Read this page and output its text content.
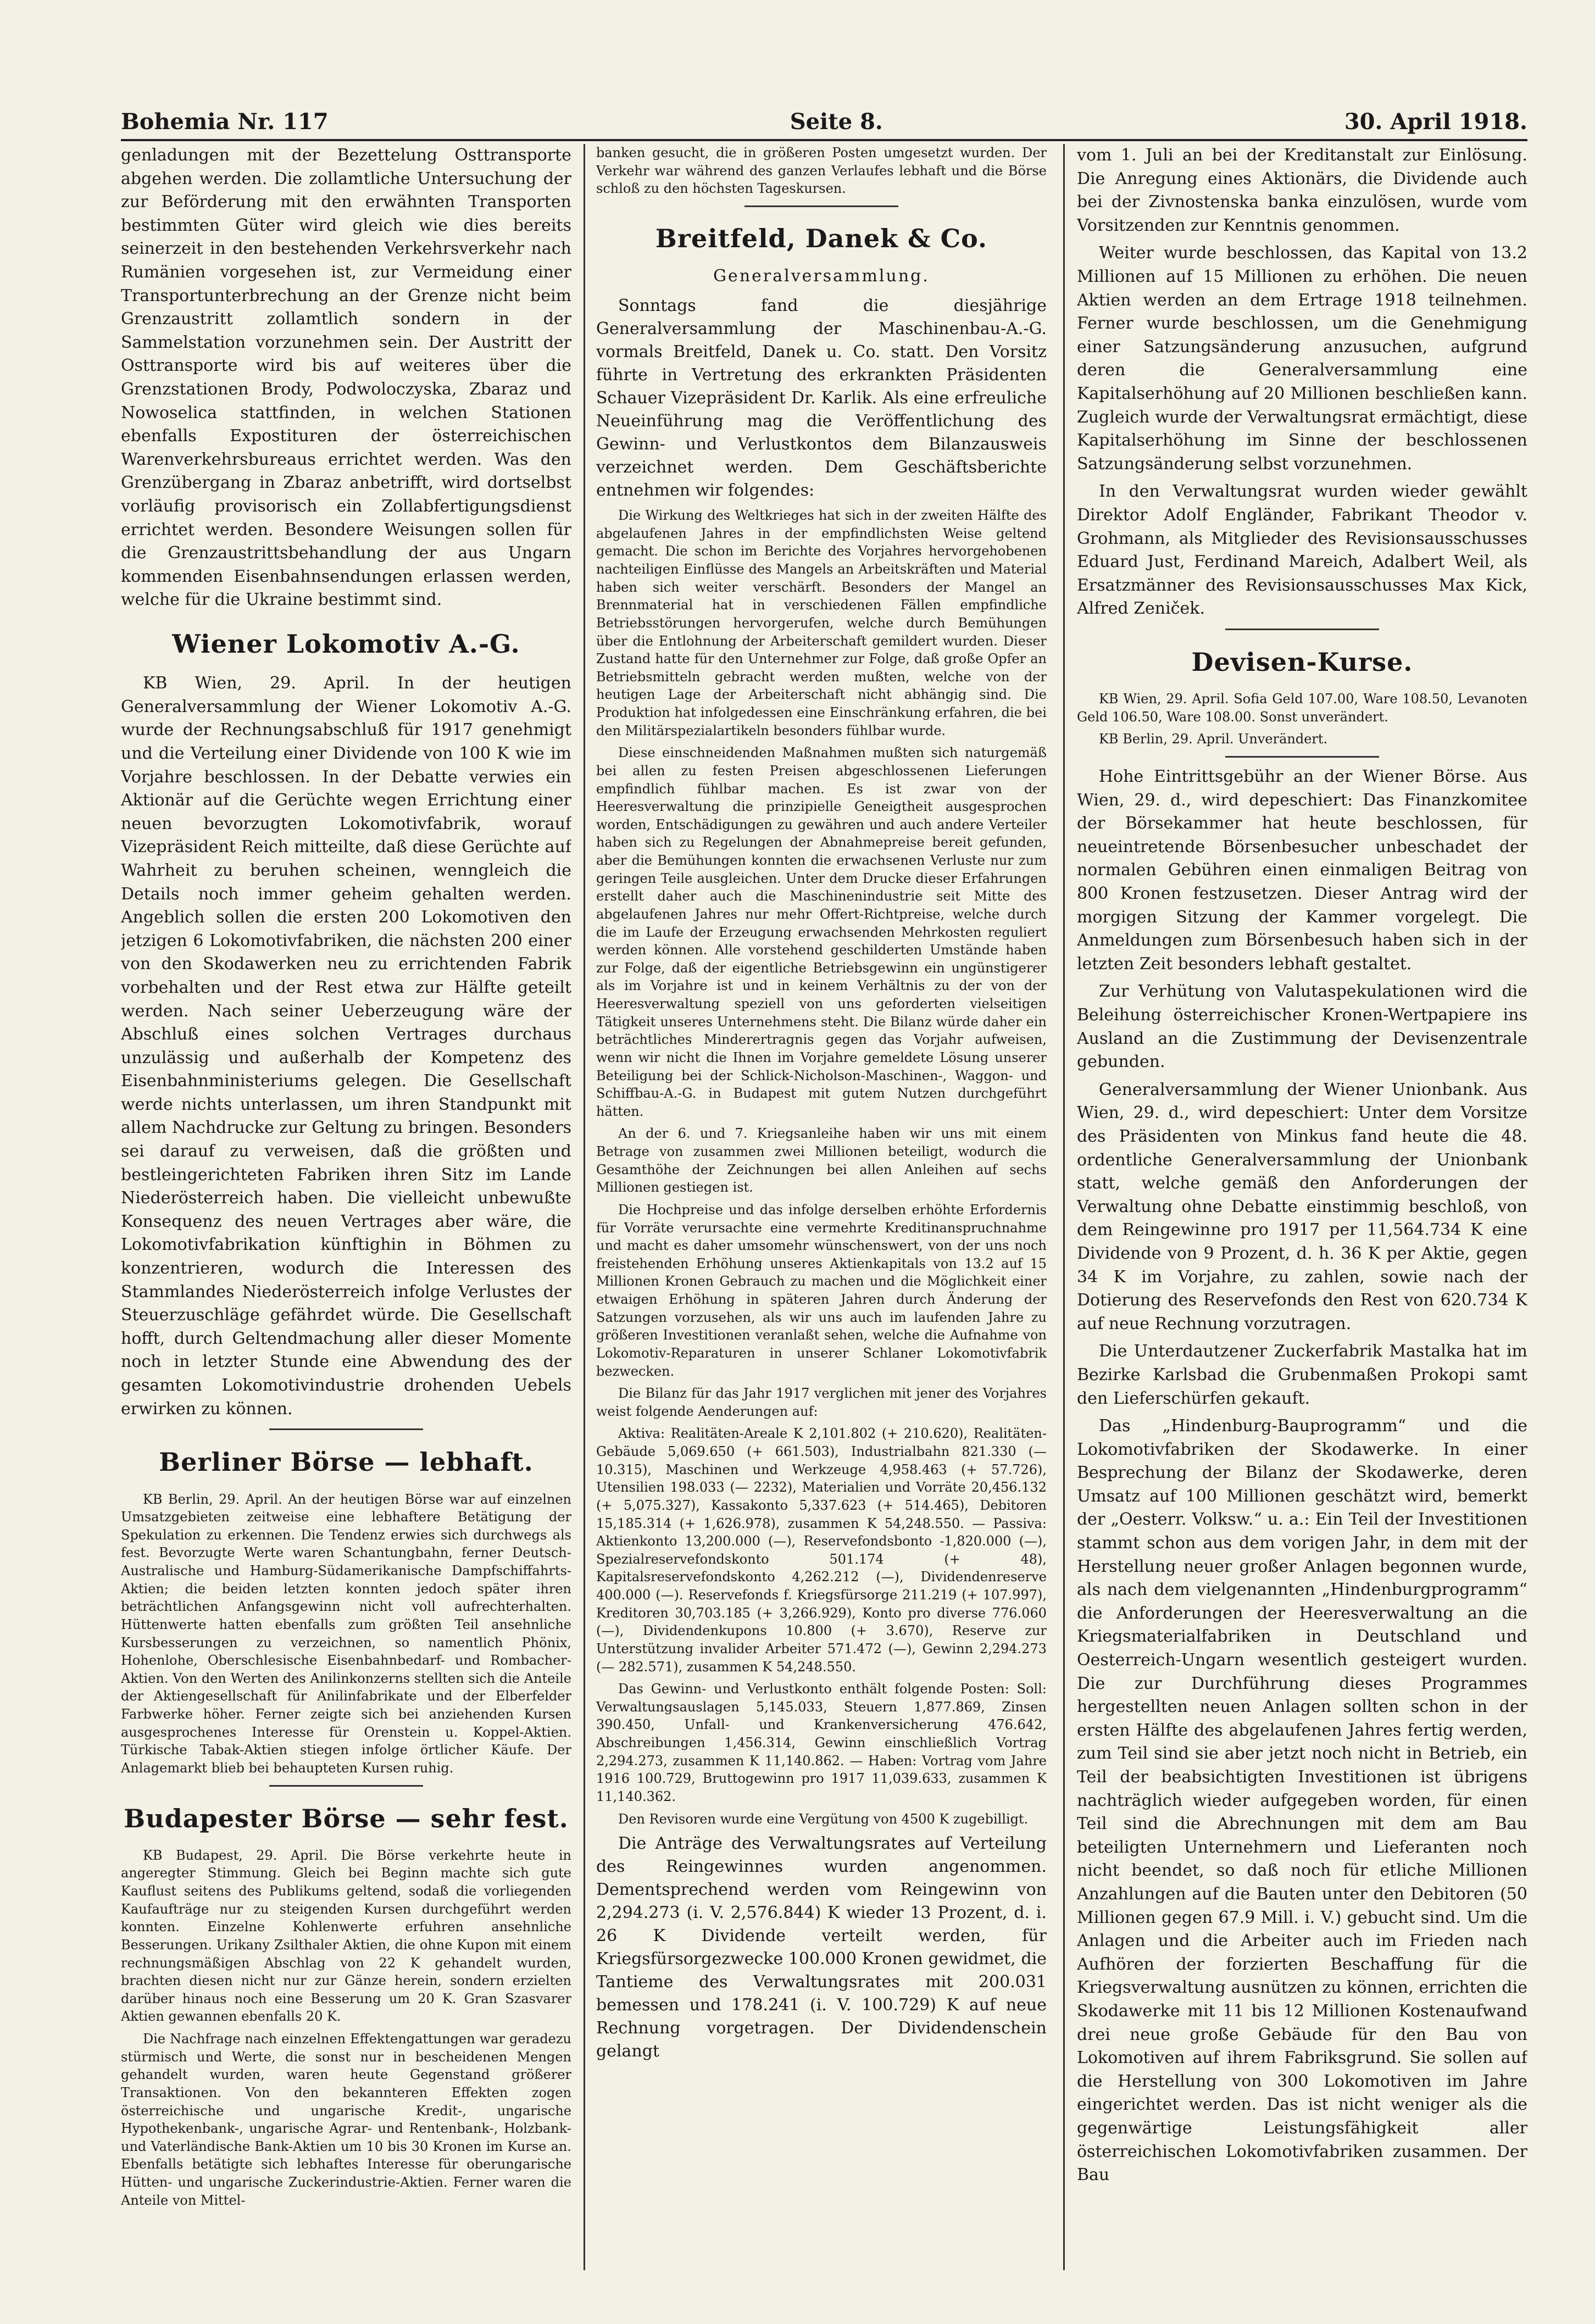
Bohemia Nr. 117	Seite 8.	30. April 1918.

genladungen mit der Bezettelung Osttransporte abgehen werden. Die zollamtliche Untersuchung der zur Beförderung mit den erwähnten Transporten bestimmten Güter wird gleich wie dies bereits seinerzeit in den bestehenden Verkehrsverkehr nach Rumänien vorgesehen ist, zur Vermeidung einer Transportunterbrechung an der Grenze nicht beim Grenzaustritt zollamtlich sondern in der Sammelstation vorzunehmen sein. Der Austritt der Osttransporte wird bis auf weiteres über die Grenzstationen Brody, Podwoloczyska, Zbaraz und Nowoselica stattfinden, in welchen Stationen ebenfalls Expostituren der österreichischen Warenverkehrsbureaus errichtet werden. Was den Grenzübergang in Zbaraz anbetrifft, wird dortselbst vorläufig provisorisch ein Zollabfertigungsdienst errichtet werden. Besondere Weisungen sollen für die Grenzaustrittsbehandlung der aus Ungarn kommenden Eisenbahnsendungen erlassen werden, welche für die Ukraine bestimmt sind.

Wiener Lokomotiv A.-G.

KB Wien, 29. April. In der heutigen Generalversammlung der Wiener Lokomotiv A.-G. wurde der Rechnungsabschluß für 1917 genehmigt und die Verteilung einer Dividende von 100 K wie im Vorjahre beschlossen. In der Debatte verwies ein Aktionär auf die Gerüchte wegen Errichtung einer neuen bevorzugten Lokomotivfabrik, worauf Vizepräsident Reich mitteilte, daß diese Gerüchte auf Wahrheit zu beruhen scheinen, wenngleich die Details noch immer geheim gehalten werden. Angeblich sollen die ersten 200 Lokomotiven den jetzigen 6 Lokomotivfabriken, die nächsten 200 einer von den Skodawerken neu zu errichtenden Fabrik vorbehalten und der Rest etwa zur Hälfte geteilt werden. Nach seiner Ueberzeugung wäre der Abschluß eines solchen Vertrages durchaus unzulässig und außerhalb der Kompetenz des Eisenbahnministeriums gelegen. Die Gesellschaft werde nichts unterlassen, um ihren Standpunkt mit allem Nachdrucke zur Geltung zu bringen. Besonders sei darauf zu verweisen, daß die größten und bestleingerichteten Fabriken ihren Sitz im Lande Niederösterreich haben. Die vielleicht unbewußte Konsequenz des neuen Vertrages aber wäre, die Lokomotivfabrikation künftighin in Böhmen zu konzentrieren, wodurch die Interessen des Stammlandes Niederösterreich infolge Verlustes der Steuerzuschläge gefährdet würde. Die Gesellschaft hofft, durch Geltendmachung aller dieser Momente noch in letzter Stunde eine Abwendung des der gesamten Lokomotivindustrie drohenden Uebels erwirken zu können.

Berliner Börse — lebhaft.

KB Berlin, 29. April. An der heutigen Börse war auf einzelnen Umsatzgebieten zeitweise eine lebhaftere Betätigung der Spekulation zu erkennen. Die Tendenz erwies sich durchwegs als fest. Bevorzugte Werte waren Schantungbahn, ferner Deutsch-Australische und Hamburg-Südamerikanische Dampfschiffahrts-Aktien; die beiden letzten konnten jedoch später ihren beträchtlichen Anfangsgewinn nicht voll aufrechterhalten. Hüttenwerte hatten ebenfalls zum größten Teil ansehnliche Kursbesserungen zu verzeichnen, so namentlich Phönix, Hohenlohe, Oberschlesische Eisenbahnbedarf- und Rombacher-Aktien. Von den Werten des Anilinkonzerns stellten sich die Anteile der Aktiengesellschaft für Anilinfabrikate und der Elberfelder Farbwerke höher. Ferner zeigte sich bei anziehenden Kursen ausgesprochenes Interesse für Orenstein u. Koppel-Aktien. Türkische Tabak-Aktien stiegen infolge örtlicher Käufe. Der Anlagemarkt blieb bei behaupteten Kursen ruhig.

Budapester Börse — sehr fest.

KB Budapest, 29. April. Die Börse verkehrte heute in angeregter Stimmung. Gleich bei Beginn machte sich gute Kauflust seitens des Publikums geltend, sodaß die vorliegenden Kaufaufträge nur zu steigenden Kursen durchgeführt werden konnten. Einzelne Kohlenwerte erfuhren ansehnliche Besserungen. Urikany Zsilthaler Aktien, die ohne Kupon mit einem rechnungsmäßigen Abschlag von 22 K gehandelt wurden, brachten diesen nicht nur zur Gänze herein, sondern erzielten darüber hinaus noch eine Besserung um 20 K. Gran Szasvarer Aktien gewannen ebenfalls 20 K.

Die Nachfrage nach einzelnen Effektengattungen war geradezu stürmisch und Werte, die sonst nur in bescheidenen Mengen gehandelt wurden, waren heute Gegenstand größerer Transaktionen. Von den bekannteren Effekten zogen österreichische und ungarische Kredit-, ungarische Hypothekenbank-, ungarische Agrar- und Rentenbank-, Holzbank- und Vaterländische Bank-Aktien um 10 bis 30 Kronen im Kurse an. Ebenfalls betätigte sich lebhaftes Interesse für oberungarische Hütten- und ungarische Zuckerindustrie-Aktien. Ferner waren die Anteile von Mittel-

banken gesucht, die in größeren Posten umgesetzt wurden. Der Verkehr war während des ganzen Verlaufes lebhaft und die Börse schloß zu den höchsten Tageskursen.

Breitfeld, Danek & Co.
Generalversammlung.

Sonntags fand die diesjährige Generalversammlung der Maschinenbau-A.-G. vormals Breitfeld, Danek u. Co. statt. Den Vorsitz führte in Vertretung des erkrankten Präsidenten Schauer Vizepräsident Dr. Karlik. Als eine erfreuliche Neueinführung mag die Veröffentlichung des Gewinn- und Verlustkontos dem Bilanzausweis verzeichnet werden. Dem Geschäftsberichte entnehmen wir folgendes:

Die Wirkung des Weltkrieges hat sich in der zweiten Hälfte des abgelaufenen Jahres in der empfindlichsten Weise geltend gemacht. Die schon im Berichte des Vorjahres hervorgehobenen nachteiligen Einflüsse des Mangels an Arbeitskräften und Material haben sich weiter verschärft. Besonders der Mangel an Brennmaterial hat in verschiedenen Fällen empfindliche Betriebsstörungen hervorgerufen, welche durch Bemühungen über die Entlohnung der Arbeiterschaft gemildert wurden. Dieser Zustand hatte für den Unternehmer zur Folge, daß große Opfer an Betriebsmitteln gebracht werden mußten, welche von der heutigen Lage der Arbeiterschaft nicht abhängig sind. Die Produktion hat infolgedessen eine Einschränkung erfahren, die bei den Militärspezialartikeln besonders fühlbar wurde.

Diese einschneidenden Maßnahmen mußten sich naturgemäß bei allen zu festen Preisen abgeschlossenen Lieferungen empfindlich fühlbar machen. Es ist zwar von der Heeresverwaltung die prinzipielle Geneigtheit ausgesprochen worden, Entschädigungen zu gewähren und auch andere Verteiler haben sich zu Regelungen der Abnahmepreise bereit gefunden, aber die Bemühungen konnten die erwachsenen Verluste nur zum geringen Teile ausgleichen. Unter dem Drucke dieser Erfahrungen erstellt daher auch die Maschinenindustrie seit Mitte des abgelaufenen Jahres nur mehr Offert-Richtpreise, welche durch die im Laufe der Erzeugung erwachsenden Mehrkosten reguliert werden können. Alle vorstehend geschilderten Umstände haben zur Folge, daß der eigentliche Betriebsgewinn ein ungünstigerer als im Vorjahre ist und in keinem Verhältnis zu der von der Heeresverwaltung speziell von uns geforderten vielseitigen Tätigkeit unseres Unternehmens steht. Die Bilanz würde daher ein beträchtliches Minderertragnis gegen das Vorjahr aufweisen, wenn wir nicht die Ihnen im Vorjahre gemeldete Lösung unserer Beteiligung bei der Schlick-Nicholson-Maschinen-, Waggon- und Schiffbau-A.-G. in Budapest mit gutem Nutzen durchgeführt hätten.

An der 6. und 7. Kriegsanleihe haben wir uns mit einem Betrage von zusammen zwei Millionen beteiligt, wodurch die Gesamthöhe der Zeichnungen bei allen Anleihen auf sechs Millionen gestiegen ist.

Die Hochpreise und das infolge derselben erhöhte Erfordernis für Vorräte verursachte eine vermehrte Kreditinanspruchnahme und macht es daher umsomehr wünschenswert, von der uns noch freistehenden Erhöhung unseres Aktienkapitals von 13.2 auf 15 Millionen Kronen Gebrauch zu machen und die Möglichkeit einer etwaigen Erhöhung in späteren Jahren durch Änderung der Satzungen vorzusehen, als wir uns auch im laufenden Jahre zu größeren Investitionen veranlaßt sehen, welche die Aufnahme von Lokomotiv-Reparaturen in unserer Schlaner Lokomotivfabrik bezwecken.

Die Bilanz für das Jahr 1917 verglichen mit jener des Vorjahres weist folgende Aenderungen auf:

Aktiva: Realitäten-Areale K 2,101.802 (+ 210.620), Realitäten-Gebäude 5,069.650 (+ 661.503), Industrialbahn 821.330 (— 10.315), Maschinen und Werkzeuge 4,958.463 (+ 57.726), Utensilien 198.033 (— 2232), Materialien und Vorräte 20,456.132 (+ 5,075.327), Kassakonto 5,337.623 (+ 514.465), Debitoren 15,185.314 (+ 1,626.978), zusammen K 54,248.550. — Passiva: Aktienkonto 13,200.000 (—), Reservefondsbonto -1,820.000 (—), Spezialreservefondskonto 501.174 (+ 48), Kapitalsreservefondskonto 4,262.212 (—), Dividendenreserve 400.000 (—). Reservefonds f. Kriegsfürsorge 211.219 (+ 107.997), Kreditoren 30,703.185 (+ 3,266.929), Konto pro diverse 776.060 (—), Dividendenkupons 10.800 (+ 3.670), Reserve zur Unterstützung invalider Arbeiter 571.472 (—), Gewinn 2,294.273 (— 282.571), zusammen K 54,248.550.

Das Gewinn- und Verlustkonto enthält folgende Posten: Soll: Verwaltungsauslagen 5,145.033, Steuern 1,877.869, Zinsen 390.450, Unfall- und Krankenversicherung 476.642, Abschreibungen 1,456.314, Gewinn einschließlich Vortrag 2,294.273, zusammen K 11,140.862. — Haben: Vortrag vom Jahre 1916 100.729, Bruttogewinn pro 1917 11,039.633, zusammen K 11,140.362.

Den Revisoren wurde eine Vergütung von 4500 K zugebilligt.

Die Anträge des Verwaltungsrates auf Verteilung des Reingewinnes wurden angenommen. Dementsprechend werden vom Reingewinn von 2,294.273 (i. V. 2,576.844) K wieder 13 Prozent, d. i. 26 K Dividende verteilt werden, für Kriegsfürsorgezwecke 100.000 Kronen gewidmet, die Tantieme des Verwaltungsrates mit 200.031 bemessen und 178.241 (i. V. 100.729) K auf neue Rechnung vorgetragen. Der Dividendenschein gelangt

vom 1. Juli an bei der Kreditanstalt zur Einlösung. Die Anregung eines Aktionärs, die Dividende auch bei der Zivnostenska banka einzulösen, wurde vom Vorsitzenden zur Kenntnis genommen.

Weiter wurde beschlossen, das Kapital von 13.2 Millionen auf 15 Millionen zu erhöhen. Die neuen Aktien werden an dem Ertrage 1918 teilnehmen. Ferner wurde beschlossen, um die Genehmigung einer Satzungsänderung anzusuchen, aufgrund deren die Generalversammlung eine Kapitalserhöhung auf 20 Millionen beschließen kann. Zugleich wurde der Verwaltungsrat ermächtigt, diese Kapitalserhöhung im Sinne der beschlossenen Satzungsänderung selbst vorzunehmen.

In den Verwaltungsrat wurden wieder gewählt Direktor Adolf Engländer, Fabrikant Theodor v. Grohmann, als Mitglieder des Revisionsausschusses Eduard Just, Ferdinand Mareich, Adalbert Weil, als Ersatzmänner des Revisionsausschusses Max Kick, Alfred Zeniček.

Devisen-Kurse.

KB Wien, 29. April. Sofia Geld 107.00, Ware 108.50, Levanoten Geld 106.50, Ware 108.00. Sonst unverändert.

KB Berlin, 29. April. Unverändert.

Hohe Eintrittsgebühr an der Wiener Börse. Aus Wien, 29. d., wird depeschiert: Das Finanzkomitee der Börsekammer hat heute beschlossen, für neueintretende Börsenbesucher unbeschadet der normalen Gebühren einen einmaligen Beitrag von 800 Kronen festzusetzen. Dieser Antrag wird der morgigen Sitzung der Kammer vorgelegt. Die Anmeldungen zum Börsenbesuch haben sich in der letzten Zeit besonders lebhaft gestaltet.

Zur Verhütung von Valutaspekulationen wird die Beleihung österreichischer Kronen-Wertpapiere ins Ausland an die Zustimmung der Devisenzentrale gebunden.

Generalversammlung der Wiener Unionbank. Aus Wien, 29. d., wird depeschiert: Unter dem Vorsitze des Präsidenten von Minkus fand heute die 48. ordentliche Generalversammlung der Unionbank statt, welche gemäß den Anforderungen der Verwaltung ohne Debatte einstimmig beschloß, von dem Reingewinne pro 1917 per 11,564.734 K eine Dividende von 9 Prozent, d. h. 36 K per Aktie, gegen 34 K im Vorjahre, zu zahlen, sowie nach der Dotierung des Reservefonds den Rest von 620.734 K auf neue Rechnung vorzutragen.

Die Unterdautzener Zuckerfabrik Mastalka hat im Bezirke Karlsbad die Grubenmaßen Prokopi samt den Lieferschürfen gekauft.

Das „Hindenburg-Bauprogramm“ und die Lokomotivfabriken der Skodawerke. In einer Besprechung der Bilanz der Skodawerke, deren Umsatz auf 100 Millionen geschätzt wird, bemerkt der „Oesterr. Volksw.“ u. a.: Ein Teil der Investitionen stammt schon aus dem vorigen Jahr, in dem mit der Herstellung neuer großer Anlagen begonnen wurde, als nach dem vielgenannten „Hindenburgprogramm“ die Anforderungen der Heeresverwaltung an die Kriegsmaterialfabriken in Deutschland und Oesterreich-Ungarn wesentlich gesteigert wurden. Die zur Durchführung dieses Programmes hergestellten neuen Anlagen sollten schon in der ersten Hälfte des abgelaufenen Jahres fertig werden, zum Teil sind sie aber jetzt noch nicht in Betrieb, ein Teil der beabsichtigten Investitionen ist übrigens nachträglich wieder aufgegeben worden, für einen Teil sind die Abrechnungen mit dem am Bau beteiligten Unternehmern und Lieferanten noch nicht beendet, so daß noch für etliche Millionen Anzahlungen auf die Bauten unter den Debitoren (50 Millionen gegen 67.9 Mill. i. V.) gebucht sind. Um die Anlagen und die Arbeiter auch im Frieden nach Aufhören der forzierten Beschaffung für die Kriegsverwaltung ausnützen zu können, errichten die Skodawerke mit 11 bis 12 Millionen Kostenaufwand drei neue große Gebäude für den Bau von Lokomotiven auf ihrem Fabriksgrund. Sie sollen auf die Herstellung von 300 Lokomotiven im Jahre eingerichtet werden. Das ist nicht weniger als die gegenwärtige Leistungsfähigkeit aller österreichischen Lokomotivfabriken zusammen. Der Bau
